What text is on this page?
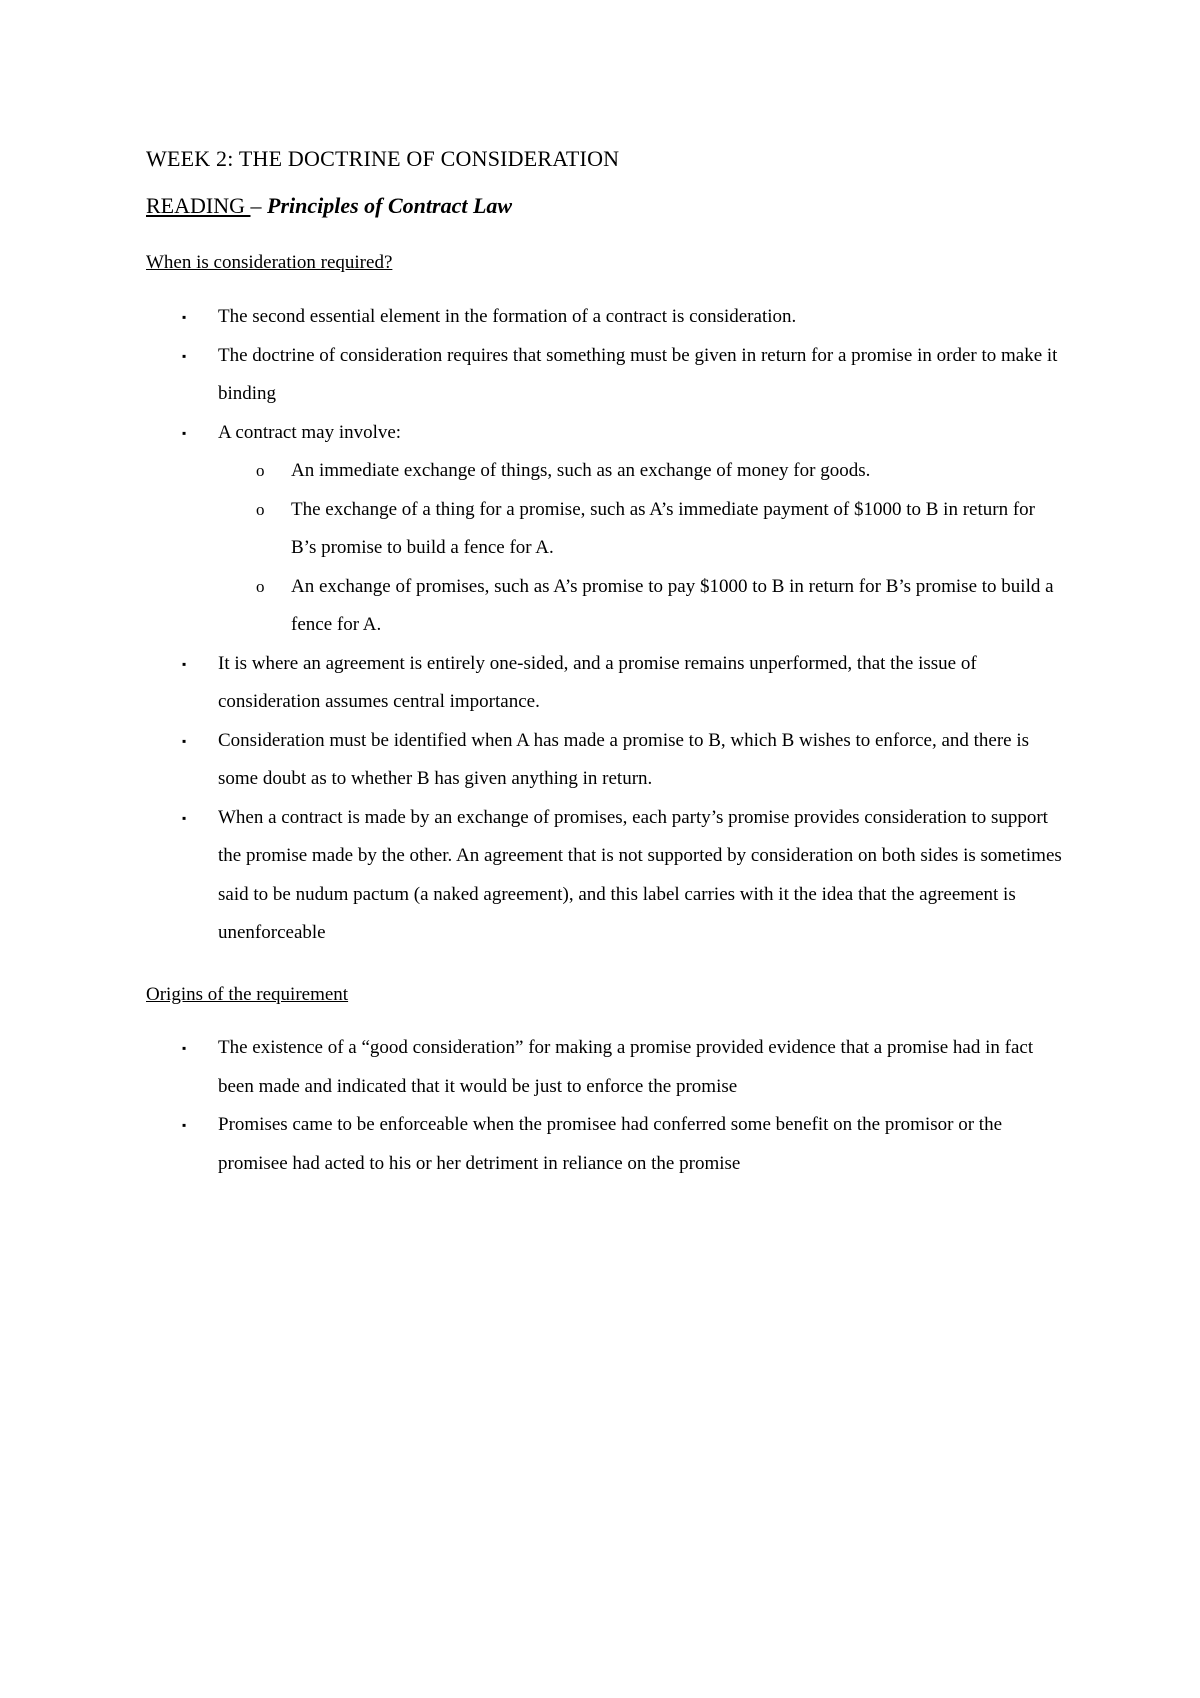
WEEK 2: THE DOCTRINE OF CONSIDERATION

READING – Principles of Contract Law

When is consideration required?
▪ The second essential element in the formation of a contract is consideration.
▪ The doctrine of consideration requires that something must be given in return for a promise in order to make it binding
▪ A contract may involve:
o An immediate exchange of things, such as an exchange of money for goods.
o The exchange of a thing for a promise, such as A’s immediate payment of $1000 to B in return for B’s promise to build a fence for A.
o An exchange of promises, such as A’s promise to pay $1000 to B in return for B’s promise to build a fence for A.
▪ It is where an agreement is entirely one-sided, and a promise remains unperformed, that the issue of consideration assumes central importance.
▪ Consideration must be identified when A has made a promise to B, which B wishes to enforce, and there is some doubt as to whether B has given anything in return.
▪ When a contract is made by an exchange of promises, each party’s promise provides consideration to support the promise made by the other. An agreement that is not supported by consideration on both sides is sometimes said to be nudum pactum (a naked agreement), and this label carries with it the idea that the agreement is unenforceable
Origins of the requirement
▪ The existence of a “good consideration” for making a promise provided evidence that a promise had in fact been made and indicated that it would be just to enforce the promise
▪ Promises came to be enforceable when the promisee had conferred some benefit on the promisor or the promisee had acted to his or her detriment in reliance on the promise
